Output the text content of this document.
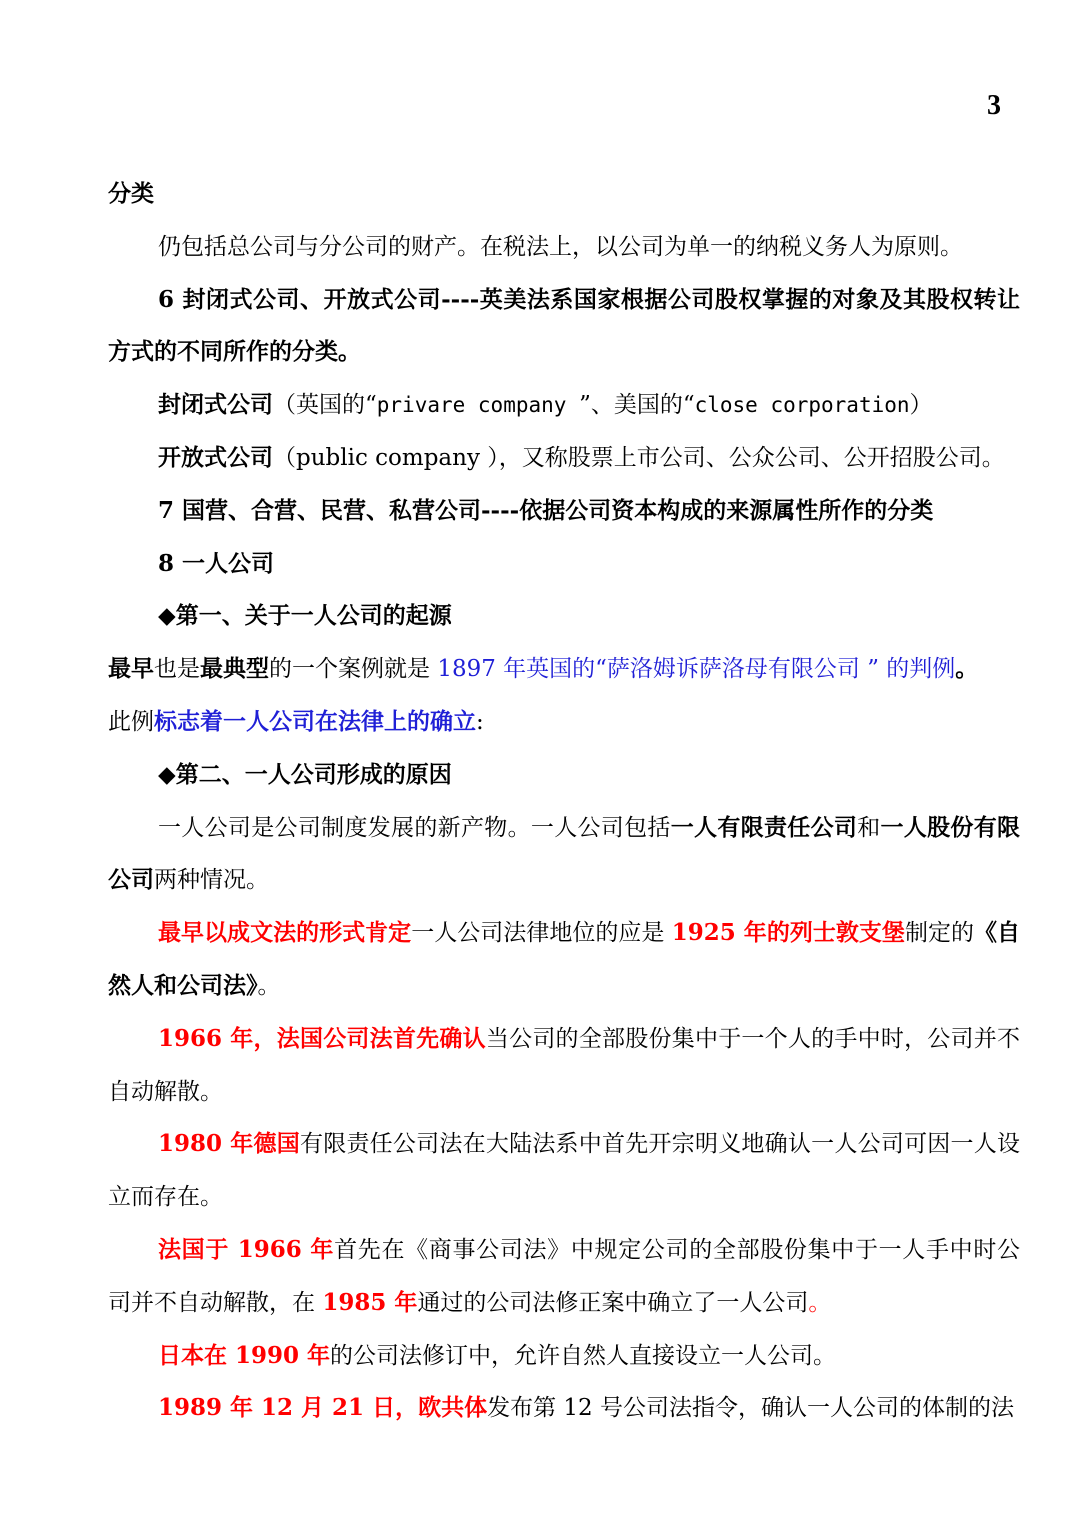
3

分类

仍包括总公司与分公司的财产。在税法上，以公司为单一的纳税义务人为原则。

6 封闭式公司、开放式公司----英美法系国家根据公司股权掌握的对象及其股权转让方式的不同所作的分类。

封闭式公司（英国的“privare company ”、美国的“close corporation）

开放式公司（public company ），又称股票上市公司、公众公司、公开招股公司。

7 国营、合营、民营、私营公司----依据公司资本构成的来源属性所作的分类

8 一人公司

◆第一、关于一人公司的起源

最早也是最典型的一个案例就是 1897 年英国的“萨洛姆诉萨洛母有限公司 ” 的判例。

此例标志着一人公司在法律上的确立:

◆第二、一人公司形成的原因

一人公司是公司制度发展的新产物。一人公司包括一人有限责任公司和一人股份有限公司两种情况。

最早以成文法的形式肯定一人公司法律地位的应是 1925 年的列士敦支堡制定的《自然人和公司法》。

1966 年，法国公司法首先确认当公司的全部股份集中于一个人的手中时，公司并不自动解散。

1980 年德国有限责任公司法在大陆法系中首先开宗明义地确认一人公司可因一人设立而存在。

法国于 1966 年首先在《商事公司法》中规定公司的全部股份集中于一人手中时公司并不自动解散，在 1985 年通过的公司法修正案中确立了一人公司。

日本在 1990 年的公司法修订中，允许自然人直接设立一人公司。

1989 年 12 月 21 日，欧共体发布第 12 号公司法指令，确认一人公司的体制的法
